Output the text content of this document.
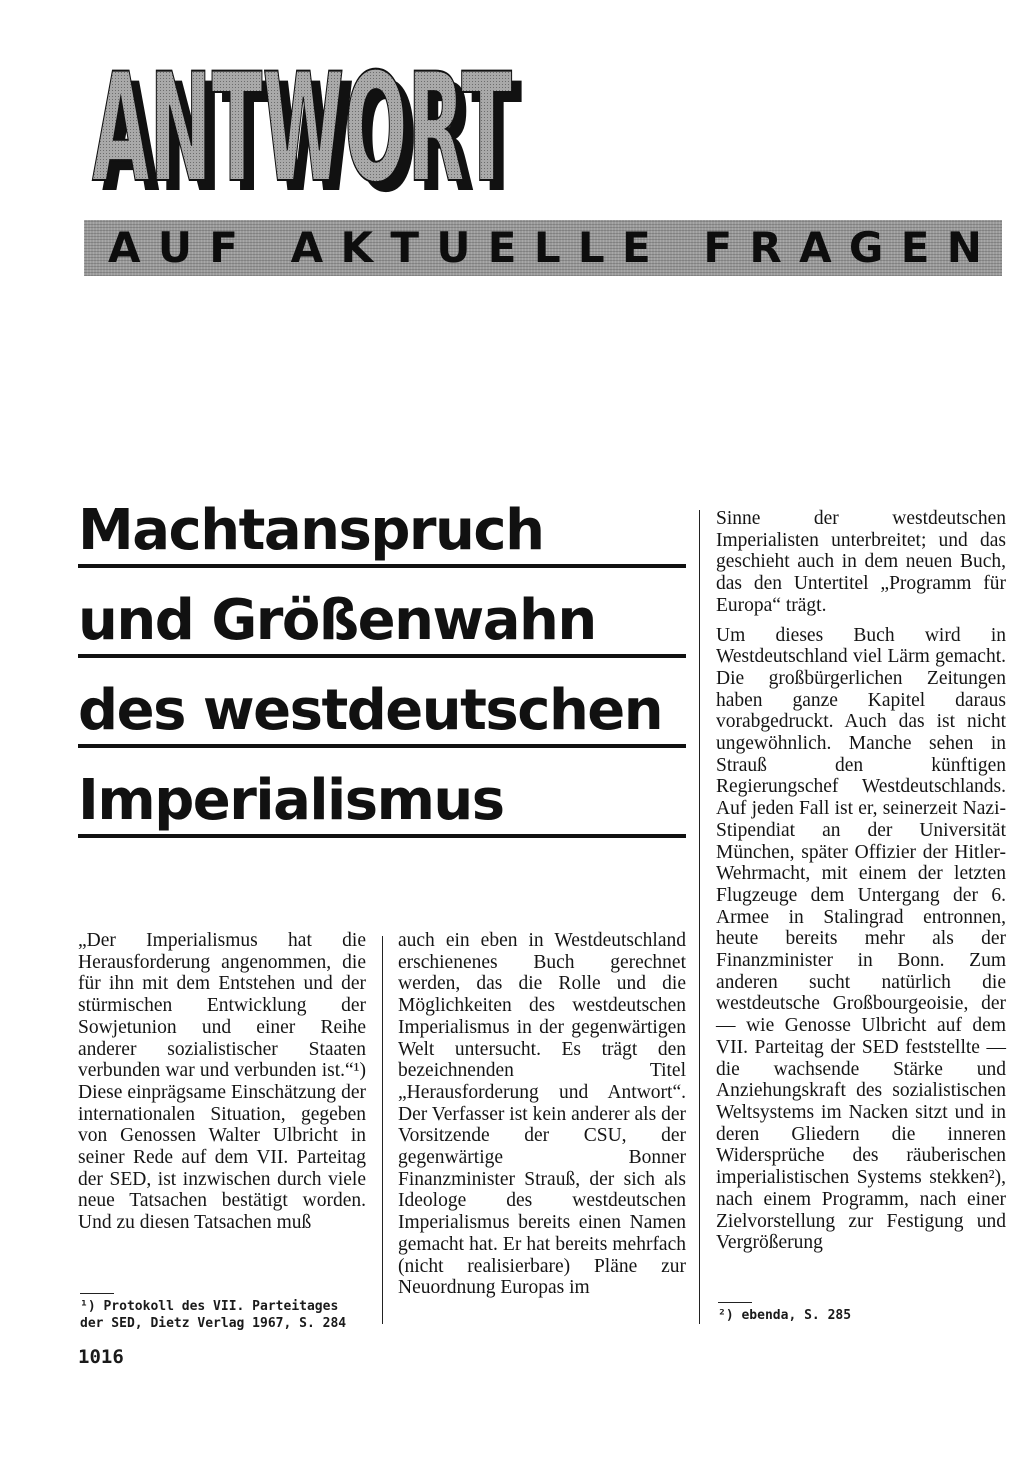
ANTWORT
ANTWORT
A U F A K T U E L L E F R A G E N
Machtanspruch
und Größenwahn
des westdeutschen
Imperialismus

„Der Imperialismus hat die Herausforderung angenommen, die für ihn mit dem Entstehen und der stürmischen Entwicklung der Sowjetunion und einer Reihe anderer sozialistischer Staaten verbunden war und verbunden ist.“¹) Diese einprägsame Einschätzung der internationalen Situation, gegeben von Genossen Walter Ulbricht in seiner Rede auf dem VII. Parteitag der SED, ist inzwischen durch viele neue Tatsachen bestätigt worden. Und zu diesen Tatsachen muß

auch ein eben in Westdeutschland erschienenes Buch gerechnet werden, das die Rolle und die Möglichkeiten des westdeutschen Imperialismus in der gegenwärtigen Welt untersucht. Es trägt den bezeichnenden Titel „Herausforderung und Antwort“. Der Verfasser ist kein anderer als der Vorsitzende der CSU, der gegenwärtige Bonner Finanzminister Strauß, der sich als Ideologe des westdeutschen Imperialismus bereits einen Namen gemacht hat. Er hat bereits mehrfach (nicht realisierbare) Pläne zur Neuordnung Europas im

Sinne der westdeutschen Imperialisten unterbreitet; und das geschieht auch in dem neuen Buch, das den Untertitel „Programm für Europa“ trägt.

Um dieses Buch wird in Westdeutschland viel Lärm gemacht. Die großbürgerlichen Zeitungen haben ganze Kapitel daraus vorabgedruckt. Auch das ist nicht ungewöhnlich. Manche sehen in Strauß den künftigen Regierungschef Westdeutschlands. Auf jeden Fall ist er, seinerzeit Nazi-Stipendiat an der Universität München, später Offizier der Hitler-Wehrmacht, mit einem der letzten Flugzeuge dem Untergang der 6. Armee in Stalingrad entronnen, heute bereits mehr als der Finanzminister in Bonn. Zum anderen sucht natürlich die westdeutsche Großbourgeoisie, der — wie Genosse Ulbricht auf dem VII. Parteitag der SED feststellte — die wachsende Stärke und Anziehungskraft des sozialistischen Weltsystems im Nacken sitzt und in deren Gliedern die inneren Widersprüche des räuberischen imperialistischen Systems stekken²), nach einem Programm, nach einer Zielvorstellung zur Festigung und Vergrößerung

¹) Protokoll des VII. Parteitages
der SED, Dietz Verlag 1967, S. 284
²) ebenda, S. 285
1016
